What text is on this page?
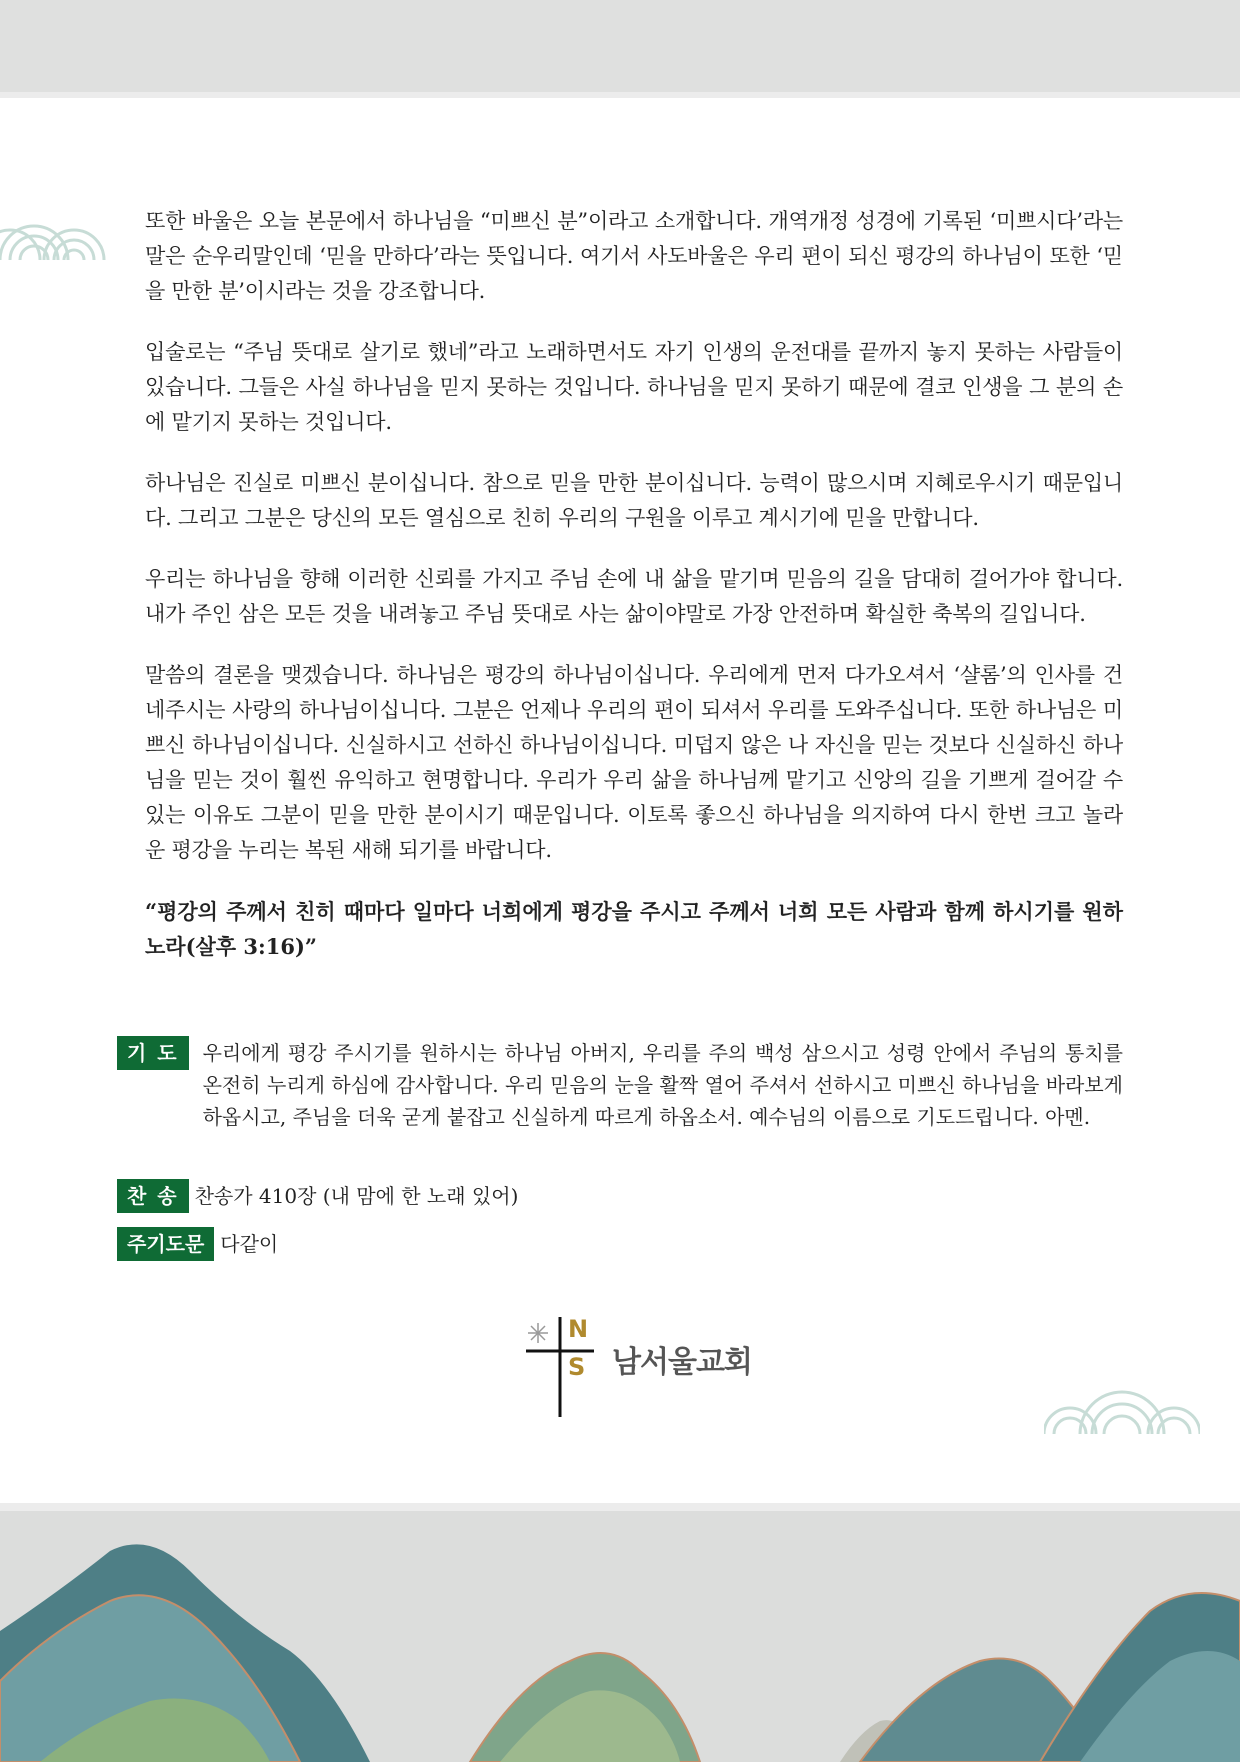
또한 바울은 오늘 본문에서 하나님을 “미쁘신 분”이라고 소개합니다. 개역개정 성경에 기록된 ‘미쁘시다’라는 말은 순우리말인데 ‘믿을 만하다’라는 뜻입니다. 여기서 사도바울은 우리 편이 되신 평강의 하나님이 또한 ‘믿을 만한 분’이시라는 것을 강조합니다.

입술로는 “주님 뜻대로 살기로 했네”라고 노래하면서도 자기 인생의 운전대를 끝까지 놓지 못하는 사람들이 있습니다. 그들은 사실 하나님을 믿지 못하는 것입니다. 하나님을 믿지 못하기 때문에 결코 인생을 그 분의 손에 맡기지 못하는 것입니다.

하나님은 진실로 미쁘신 분이십니다. 참으로 믿을 만한 분이십니다. 능력이 많으시며 지혜로우시기 때문입니다. 그리고 그분은 당신의 모든 열심으로 친히 우리의 구원을 이루고 계시기에 믿을 만합니다.

우리는 하나님을 향해 이러한 신뢰를 가지고 주님 손에 내 삶을 맡기며 믿음의 길을 담대히 걸어가야 합니다. 내가 주인 삼은 모든 것을 내려놓고 주님 뜻대로 사는 삶이야말로 가장 안전하며 확실한 축복의 길입니다.

말씀의 결론을 맺겠습니다. 하나님은 평강의 하나님이십니다. 우리에게 먼저 다가오셔서 ‘샬롬’의 인사를 건네주시는 사랑의 하나님이십니다. 그분은 언제나 우리의 편이 되셔서 우리를 도와주십니다. 또한 하나님은 미쁘신 하나님이십니다. 신실하시고 선하신 하나님이십니다. 미덥지 않은 나 자신을 믿는 것보다 신실하신 하나님을 믿는 것이 훨씬 유익하고 현명합니다. 우리가 우리 삶을 하나님께 맡기고 신앙의 길을 기쁘게 걸어갈 수 있는 이유도 그분이 믿을 만한 분이시기 때문입니다. 이토록 좋으신 하나님을 의지하여 다시 한번 크고 놀라운 평강을 누리는 복된 새해 되기를 바랍니다.

“평강의 주께서 친히 때마다 일마다 너희에게 평강을 주시고 주께서 너희 모든 사람과 함께 하시기를 원하노라(살후 3:16)”

기 도	우리에게 평강 주시기를 원하시는 하나님 아버지, 우리를 주의 백성 삼으시고 성령 안에서 주님의 통치를 온전히 누리게 하심에 감사합니다. 우리 믿음의 눈을 활짝 열어 주셔서 선하시고 미쁘신 하나님을 바라보게 하옵시고, 주님을 더욱 굳게 붙잡고 신실하게 따르게 하옵소서. 예수님의 이름으로 기도드립니다. 아멘.
찬 송 찬송가 410장 (내 맘에 한 노래 있어)
주기도문 다같이
N
S 남서울교회
